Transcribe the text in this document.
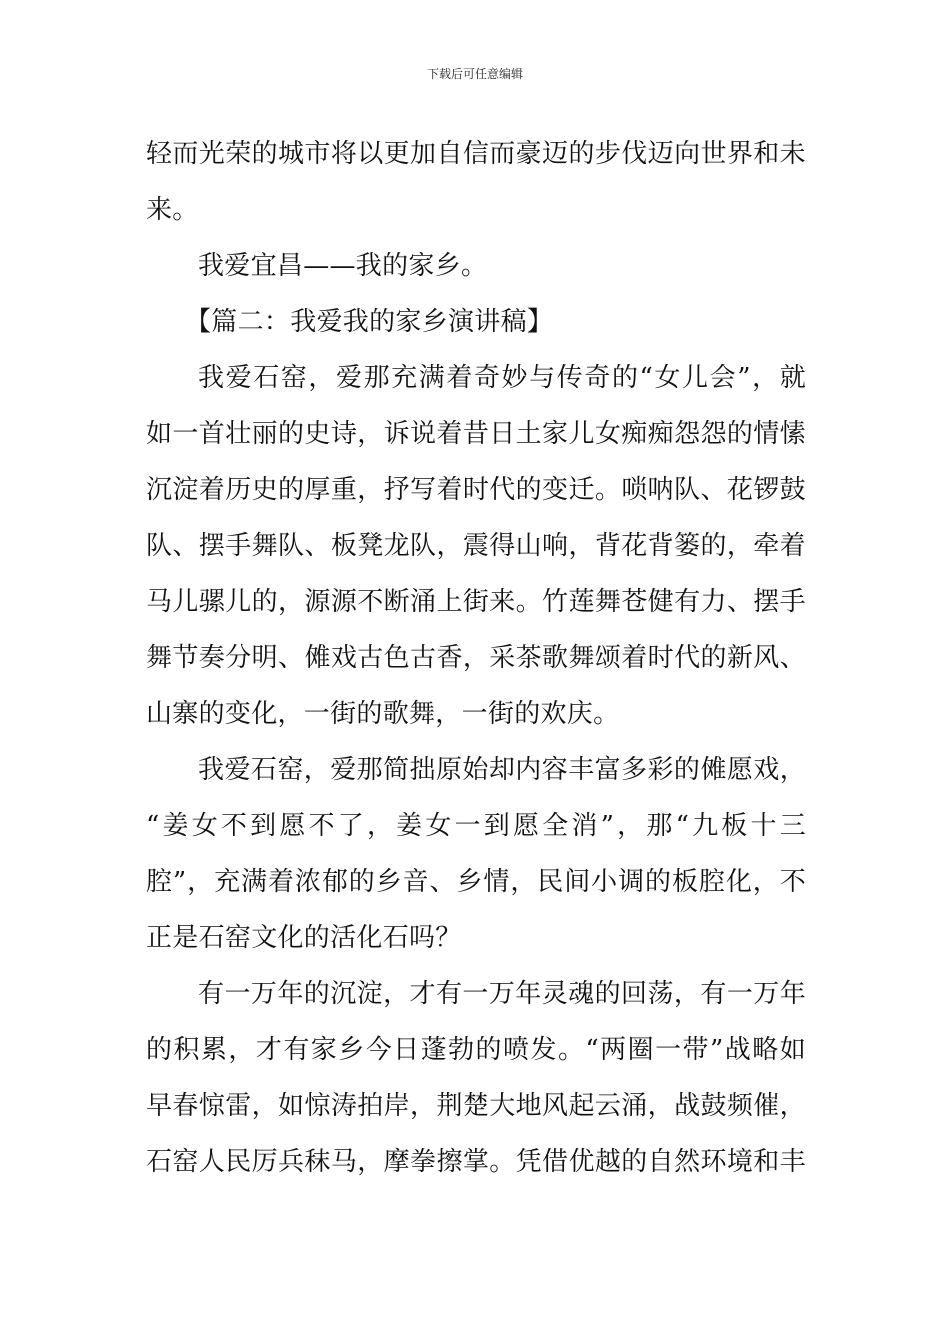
下载后可任意编辑
轻而光荣的城市将以更加自信而豪迈的步伐迈向世界和未
来。
我爱宜昌——我的家乡。
【篇二：我爱我的家乡演讲稿】
我爱石窑，爱那充满着奇妙与传奇的“女儿会”，就
如一首壮丽的史诗，诉说着昔日土家儿女痴痴怨怨的情愫
沉淀着历史的厚重，抒写着时代的变迁。唢呐队、花锣鼓
队、摆手舞队、板凳龙队，震得山响，背花背篓的，牵着
马儿骡儿的，源源不断涌上街来。竹莲舞苍健有力、摆手
舞节奏分明、傩戏古色古香，采茶歌舞颂着时代的新风、
山寨的变化，一街的歌舞，一街的欢庆。
我爱石窑，爱那简拙原始却内容丰富多彩的傩愿戏，
“姜女不到愿不了，姜女一到愿全消”，那“九板十三
腔”，充满着浓郁的乡音、乡情，民间小调的板腔化，不
正是石窑文化的活化石吗？
有一万年的沉淀，才有一万年灵魂的回荡，有一万年
的积累，才有家乡今日蓬勃的喷发。“两圈一带”战略如
早春惊雷，如惊涛拍岸，荆楚大地风起云涌，战鼓频催，
石窑人民厉兵秣马，摩拳擦掌。凭借优越的自然环境和丰
